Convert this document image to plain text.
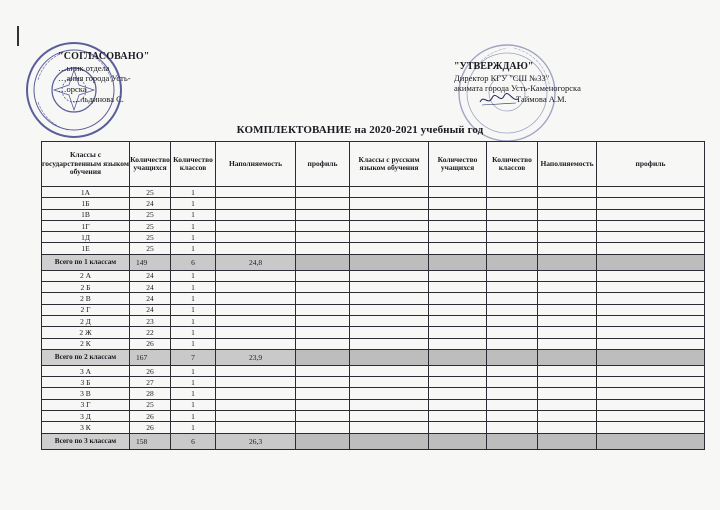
"СОГЛАСОВАНО"
…ьник отдела
…ания города Усть-
…орска
…льдинова С.
"УТВЕРЖДАЮ"
Директор КГУ "СШ №33"
акимата города Усть-Каменогорска
Таймова А.М.
КОМПЛЕКТОВАНИЕ на 2020-2021 учебный год
Классы с государственным языком обучения	Количество учащихся	Количество классов	Наполняемость	профиль	Классы с русским языком обучения	Количество учащихся	Количество классов	Наполняемость	профиль
1А	25	1							
1Б	24	1							
1В	25	1							
1Г	25	1							
1Д	25	1							
1Е	25	1							
Всего по 1 классам	149	6	24,8						
2 А	24	1							
2 Б	24	1							
2 В	24	1							
2 Г	24	1							
2 Д	23	1							
2 Ж	22	1							
2 К	26	1							
Всего по 2 классам	167	7	23,9						
3 А	26	1							
3 Б	27	1							
3 В	28	1							
3 Г	25	1							
3 Д	26	1							
3 К	26	1							
Всего по 3 классам	158	6	26,3						
